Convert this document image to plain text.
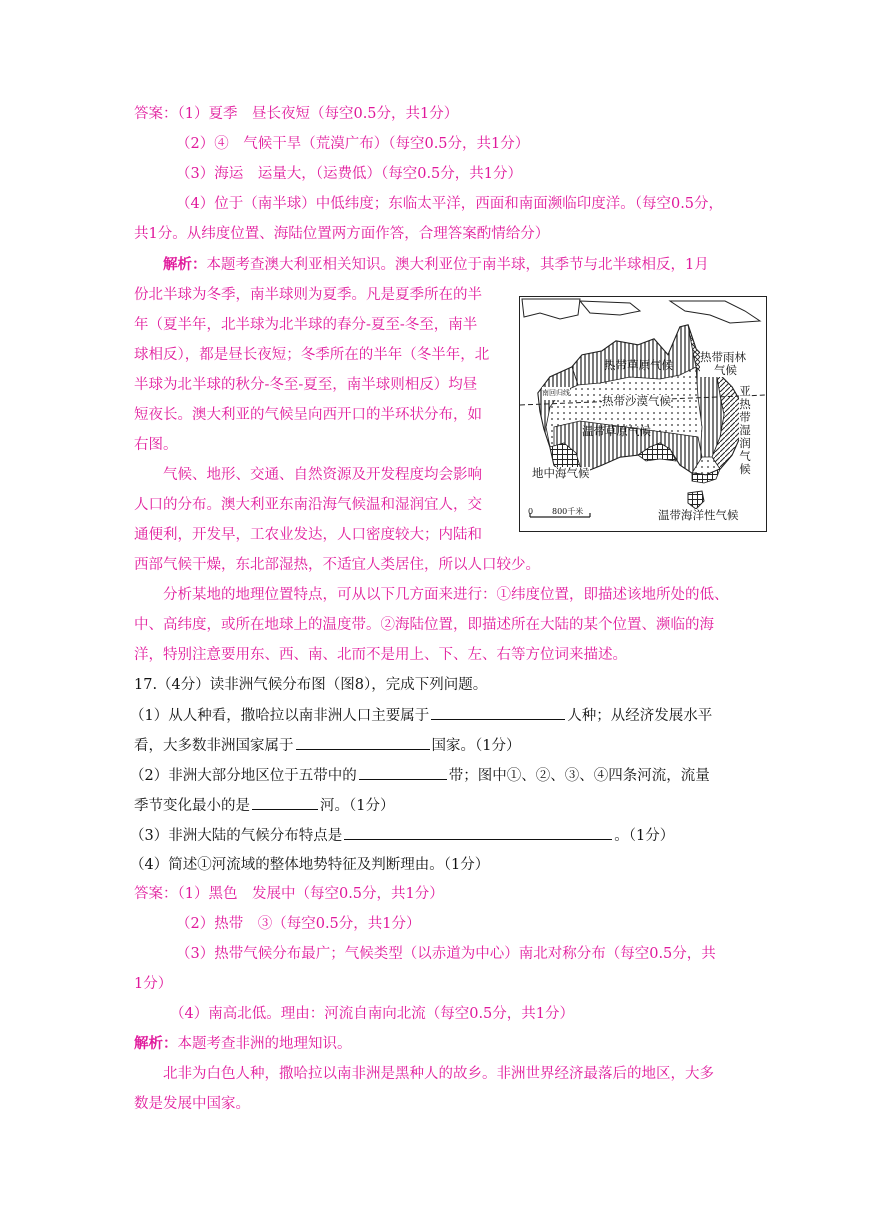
答案：（1）夏季　昼长夜短（每空0.5分，共1分）
（2）④　气候干旱（荒漠广布）（每空0.5分，共1分）
（3）海运　运量大，（运费低）（每空0.5分，共1分）
（4）位于（南半球）中低纬度；东临太平洋，西面和南面濒临印度洋。（每空0.5分，
共1分。从纬度位置、海陆位置两方面作答，合理答案酌情给分）
解析：本题考查澳大利亚相关知识。澳大利亚位于南半球，其季节与北半球相反，1月
份北半球为冬季，南半球则为夏季。凡是夏季所在的半
年（夏半年，北半球为北半球的春分-夏至-冬至，南半
球相反），都是昼长夜短；冬季所在的半年（冬半年，北
半球为北半球的秋分-冬至-夏至，南半球则相反）均昼
短夜长。澳大利亚的气候呈向西开口的半环状分布，如
右图。
气候、地形、交通、自然资源及开发程度均会影响
人口的分布。澳大利亚东南沿海气候温和湿润宜人，交
通便利，开发早，工农业发达，人口密度较大；内陆和
西部气候干燥，东北部湿热，不适宜人类居住，所以人口较少。
分析某地的地理位置特点，可从以下几方面来进行：①纬度位置，即描述该地所处的低、
中、高纬度，或所在地球上的温度带。②海陆位置，即描述所在大陆的某个位置、濒临的海
洋，特别注意要用东、西、南、北而不是用上、下、左、右等方位词来描述。
热带雨林
气候
亚热带湿润气候
热带沙漠气候
热带草原气候
南回归线
温带草原气候
地中海气候
温带海洋性气候
0 800千米
17.（4分）读非洲气候分布图（图8），完成下列问题。
（1）从人种看，撒哈拉以南非洲人口主要属于	人种；从经济发展水平
看，大多数非洲国家属于	国家。（1分）
（2）非洲大部分地区位于五带中的	带；图中①、②、③、④四条河流，流量
季节变化最小的是	河。（1分）
（3）非洲大陆的气候分布特点是	。（1分）
（4）简述①河流域的整体地势特征及判断理由。（1分）
答案：（1）黑色　发展中（每空0.5分，共1分）
（2）热带　③（每空0.5分，共1分）
（3）热带气候分布最广；气候类型（以赤道为中心）南北对称分布（每空0.5分，共
1分）
（4）南高北低。理由：河流自南向北流（每空0.5分，共1分）
解析：本题考查非洲的地理知识。
北非为白色人种，撒哈拉以南非洲是黑种人的故乡。非洲世界经济最落后的地区，大多
数是发展中国家。
